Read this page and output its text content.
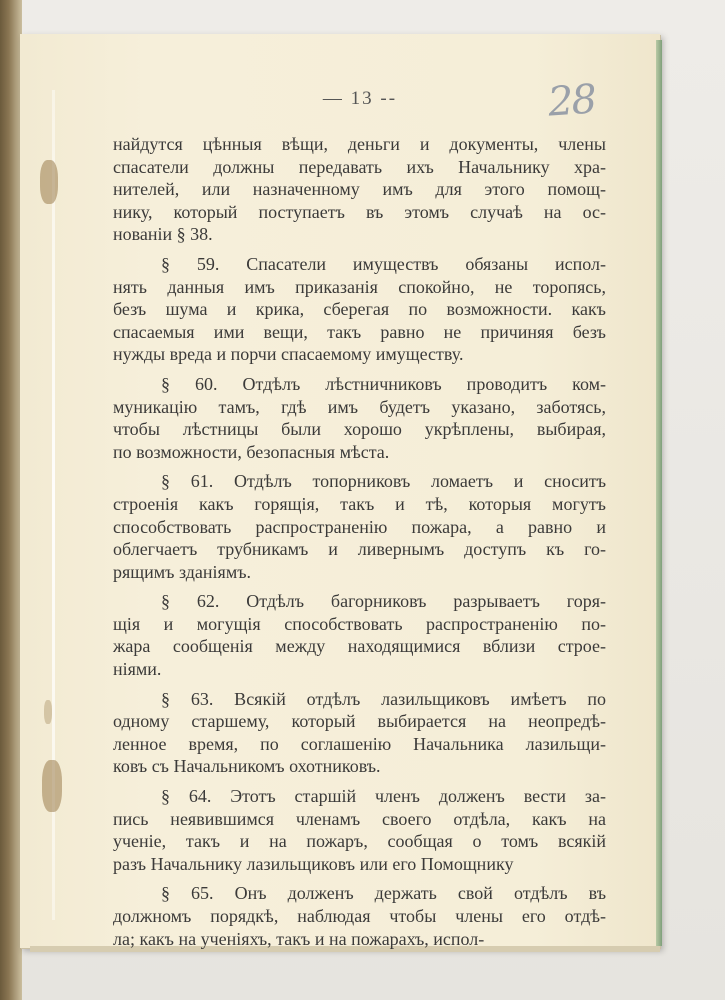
— 13 --	28
найдутся цѣнныя вѣщи, деньги и документы, члены
спасатели должны передавать ихъ Начальнику хра-
нителей, или назначенному имъ для этого помощ-
нику, который поступаетъ въ этомъ случаѣ на ос-
нованіи § 38.
§ 59. Спасатели имуществъ обязаны испол-
нять данныя имъ приказанія спокойно, не торопясь,
безъ шума и крика, сберегая по возможности. какъ
спасаемыя ими вещи, такъ равно не причиняя безъ
нужды вреда и порчи спасаемому имуществу.
§ 60. Отдѣлъ лѣстничниковъ проводитъ ком-
муникацію тамъ, гдѣ имъ будетъ указано, заботясь,
чтобы лѣстницы были хорошо укрѣплены, выбирая,
по возможности, безопасныя мѣста.
§ 61. Отдѣлъ топорниковъ ломаетъ и сноситъ
строенія какъ горящія, такъ и тѣ, которыя могутъ
способствовать распространенію пожара, а равно и
облегчаетъ трубникамъ и ливернымъ доступъ къ го-
рящимъ зданіямъ.
§ 62. Отдѣлъ багорниковъ разрываетъ горя-
щія и могущія способствовать распространенію по-
жара сообщенія между находящимися вблизи строе-
ніями.
§ 63. Всякій отдѣлъ лазильщиковъ имѣетъ по
одному старшему, который выбирается на неопредѣ-
ленное время, по соглашенію Начальника лазильщи-
ковъ съ Начальникомъ охотниковъ.
§ 64. Этотъ старшій членъ долженъ вести за-
пись неявившимся членамъ своего отдѣла, какъ на
ученіе, такъ и на пожаръ, сообщая о томъ всякій
разъ Начальнику лазильщиковъ или его Помощнику
§ 65. Онъ долженъ держать свой отдѣлъ въ
должномъ порядкѣ, наблюдая чтобы члены его отдѣ-
ла; какъ на ученіяхъ, такъ и на пожарахъ, испол-
